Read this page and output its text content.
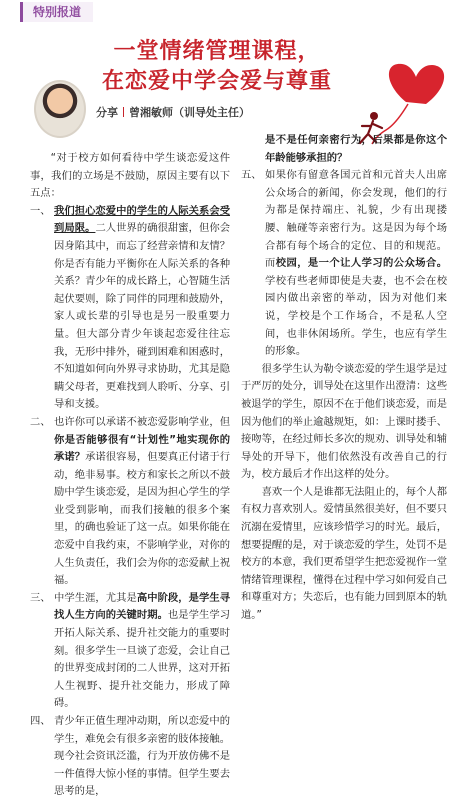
特别报道
一堂情绪管理课程，
在恋爱中学会爱与尊重
分享 曾湘敏师（训导处主任）

“对于校方如何看待中学生谈恋爱这件事，我们的立场是不鼓励，原因主要有以下五点：

一、 我们担心恋爱中的学生的人际关系会受到局限。二人世界的确很甜蜜，但你会因身陷其中，而忘了经营亲情和友情？你是否有能力平衡你在人际关系的各种关系？青少年的成长路上，心智随生活起伏要则，除了同伴的同理和鼓励外，家人或长辈的引导也是另一股重要力量。但大部分青少年谈起恋爱往往忘我，无形中排外，碰到困难和困惑时，不知道如何向外界寻求协助，尤其是隐瞒父母者，更难找到人聆听、分享、引导和支援。
二、 也许你可以承诺不被恋爱影响学业，但你是否能够很有“计划性”地实现你的承诺？承诺很容易，但要真正付诸于行动，绝非易事。校方和家长之所以不鼓励中学生谈恋爱，是因为担心学生的学业受到影响，而我们接触的很多个案里，的确也验证了这一点。如果你能在恋爱中自我约束，不影响学业，对你的人生负责任，我们会为你的恋爱献上祝福。
三、 中学生涯，尤其是高中阶段，是学生寻找人生方向的关键时期。也是学生学习开拓人际关系、提升社交能力的重要时刻。很多学生一旦谈了恋爱，会让自己的世界变成封闭的二人世界，这对开拓人生视野、提升社交能力，形成了障碍。
四、 青少年正值生理冲动期，所以恋爱中的学生，难免会有很多亲密的肢体接触。现今社会资讯泛滥，行为开放仿佛不是一件值得大惊小怪的事情。但学生要去思考的是，

是不是任何亲密行为，后果都是你这个年龄能够承担的？

五、 如果你有留意各国元首和元首夫人出席公众场合的新闻，你会发现，他们的行为都是保持端庄、礼貌，少有出现搂腰、触碰等亲密行为。这是因为每个场合都有每个场合的定位、目的和规范。而校园，是一个让人学习的公众场合。学校有些老师即使是夫妻，也不会在校园内做出亲密的举动，因为对他们来说，学校是个工作场合，不是私人空间，也非休闲场所。学生，也应有学生的形象。

很多学生认为勒令谈恋爱的学生退学是过于严厉的处分，训导处在这里作出澄清：这些被退学的学生，原因不在于他们谈恋爱，而是因为他们的举止逾越规矩，如：上课时搂手、接吻等，在经过师长多次的规劝、训导处和辅导处的开导下，他们依然没有改善自己的行为，校方最后才作出这样的处分。

喜欢一个人是谁都无法阻止的，每个人都有权力喜欢别人。爱情虽然很美好，但不要只沉溺在爱情里，应该珍惜学习的时光。最后，想要提醒的是，对于谈恋爱的学生，处罚不是校方的本意，我们更希望学生把恋爱视作一堂情绪管理课程，懂得在过程中学习如何爱自己和尊重对方；失恋后，也有能力回到原本的轨道。”
